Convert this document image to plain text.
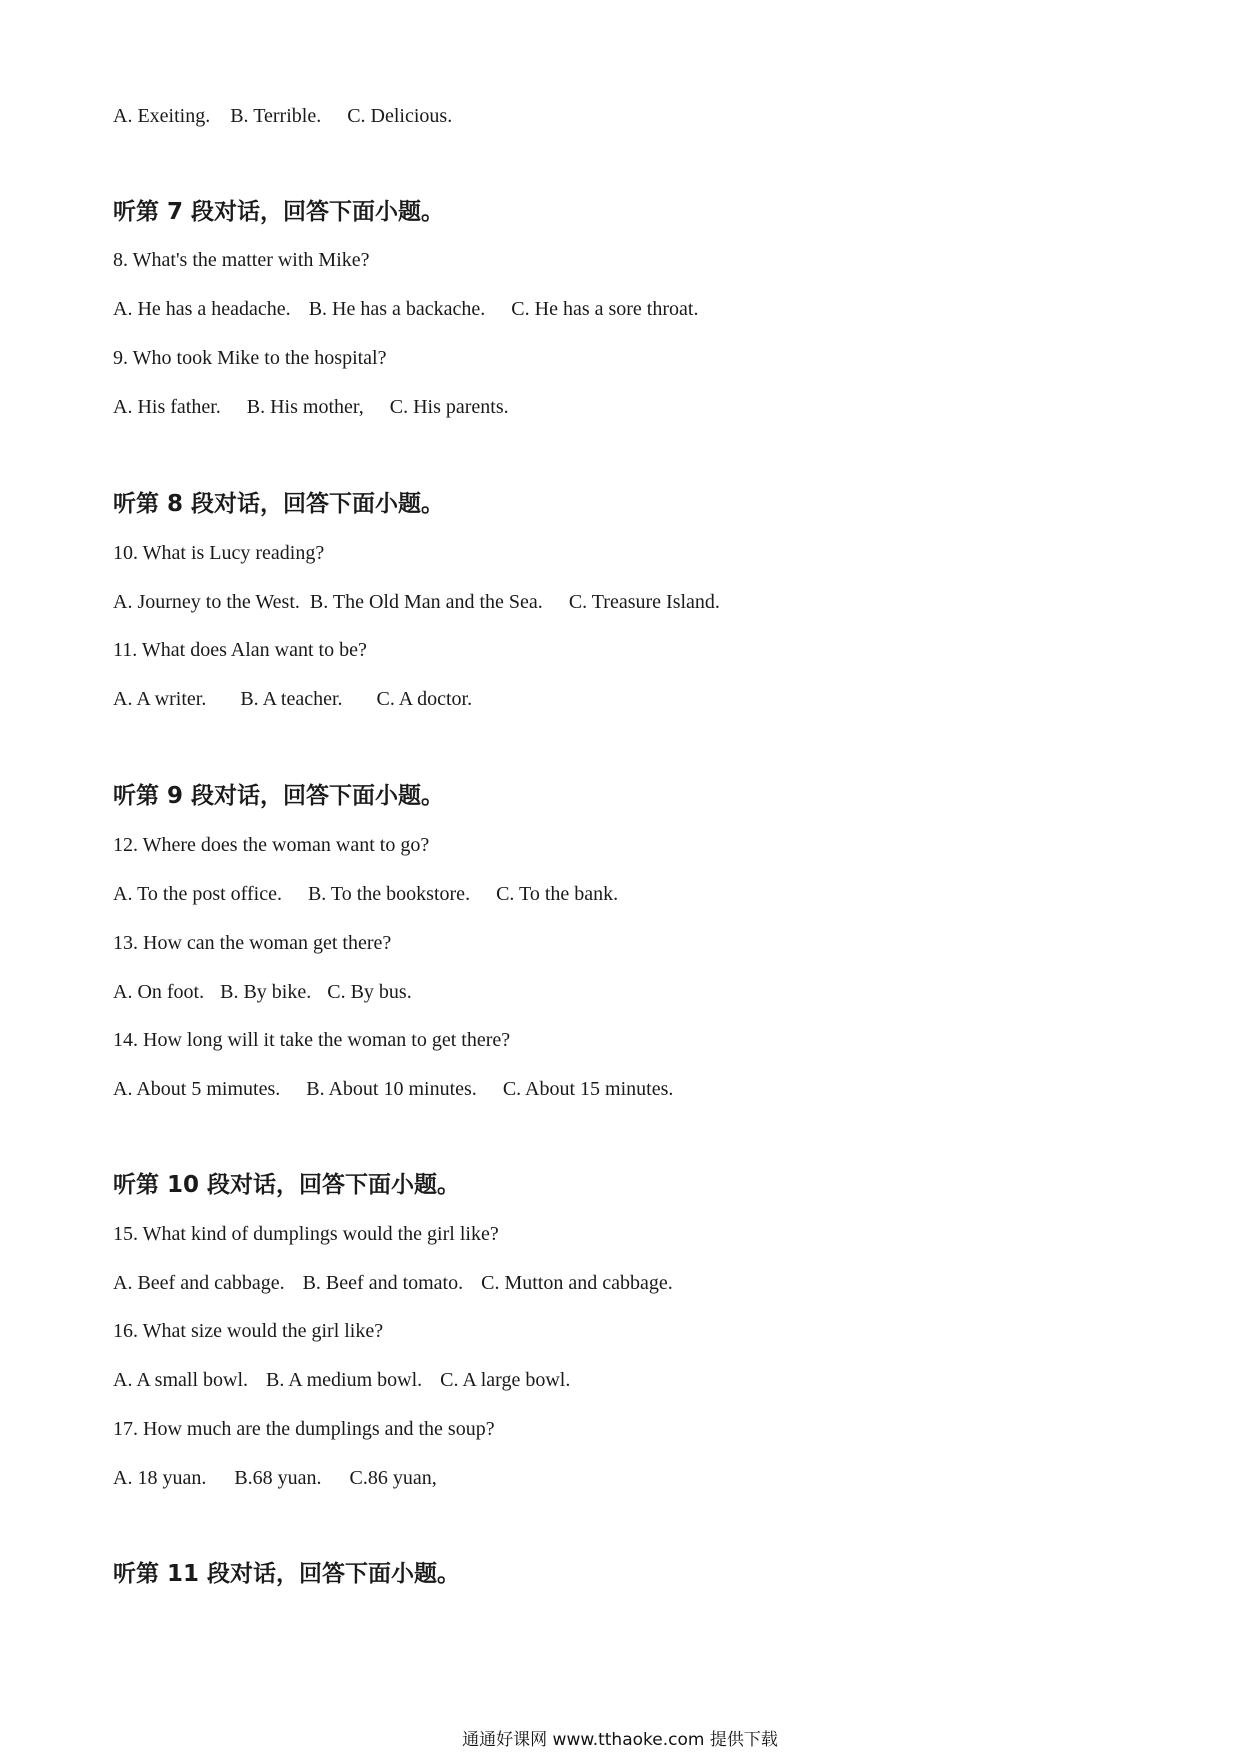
A. Exeiting. B. Terrible. C. Delicious.
听第 7 段对话，回答下面小题。
8. What's the matter with Mike?
A. He has a headache. B. He has a backache. C. He has a sore throat.
9. Who took Mike to the hospital?
A. His father. B. His mother, C. His parents.
听第 8 段对话，回答下面小题。
10. What is Lucy reading?
A. Journey to the West. B. The Old Man and the Sea. C. Treasure Island.
11. What does Alan want to be?
A. A writer. B. A teacher. C. A doctor.
听第 9 段对话，回答下面小题。
12. Where does the woman want to go?
A. To the post office. B. To the bookstore. C. To the bank.
13. How can the woman get there?
A. On foot. B. By bike. C. By bus.
14. How long will it take the woman to get there?
A. About 5 mimutes. B. About 10 minutes. C. About 15 minutes.
听第 10 段对话，回答下面小题。
15. What kind of dumplings would the girl like?
A. Beef and cabbage. B. Beef and tomato. C. Mutton and cabbage.
16. What size would the girl like?
A. A small bowl. B. A medium bowl. C. A large bowl.
17. How much are the dumplings and the soup?
A. 18 yuan. B.68 yuan. C.86 yuan,
听第 11 段对话，回答下面小题。
通通好课网 www.tthaoke.com 提供下载
